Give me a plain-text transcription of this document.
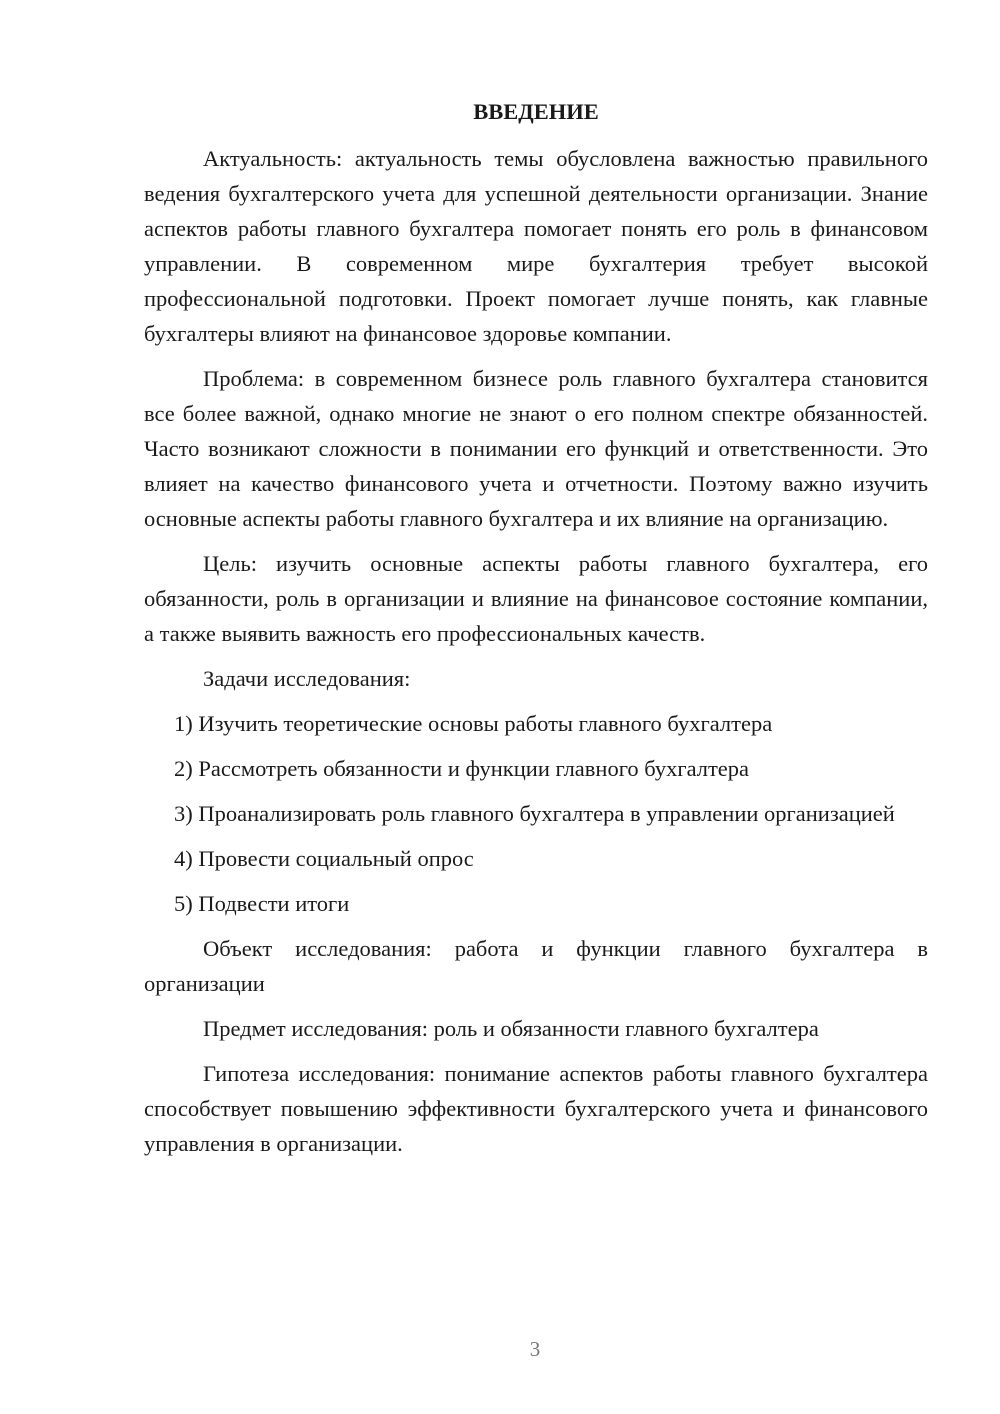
ВВЕДЕНИЕ

Актуальность: актуальность темы обусловлена важностью правильного ведения бухгалтерского учета для успешной деятельности организации. Знание аспектов работы главного бухгалтера помогает понять его роль в финансовом управлении. В современном мире бухгалтерия требует высокой профессиональной подготовки. Проект помогает лучше понять, как главные бухгалтеры влияют на финансовое здоровье компании.

Проблема: в современном бизнесе роль главного бухгалтера становится все более важной, однако многие не знают о его полном спектре обязанностей. Часто возникают сложности в понимании его функций и ответственности. Это влияет на качество финансового учета и отчетности. Поэтому важно изучить основные аспекты работы главного бухгалтера и их влияние на организацию.

Цель: изучить основные аспекты работы главного бухгалтера, его обязанности, роль в организации и влияние на финансовое состояние компании, а также выявить важность его профессиональных качеств.

Задачи исследования:

1) Изучить теоретические основы работы главного бухгалтера

2) Рассмотреть обязанности и функции главного бухгалтера

3) Проанализировать роль главного бухгалтера в управлении организацией

4) Провести социальный опрос

5) Подвести итоги

Объект исследования: работа и функции главного бухгалтера в организации

Предмет исследования: роль и обязанности главного бухгалтера

Гипотеза исследования: понимание аспектов работы главного бухгалтера способствует повышению эффективности бухгалтерского учета и финансового управления в организации.

3
